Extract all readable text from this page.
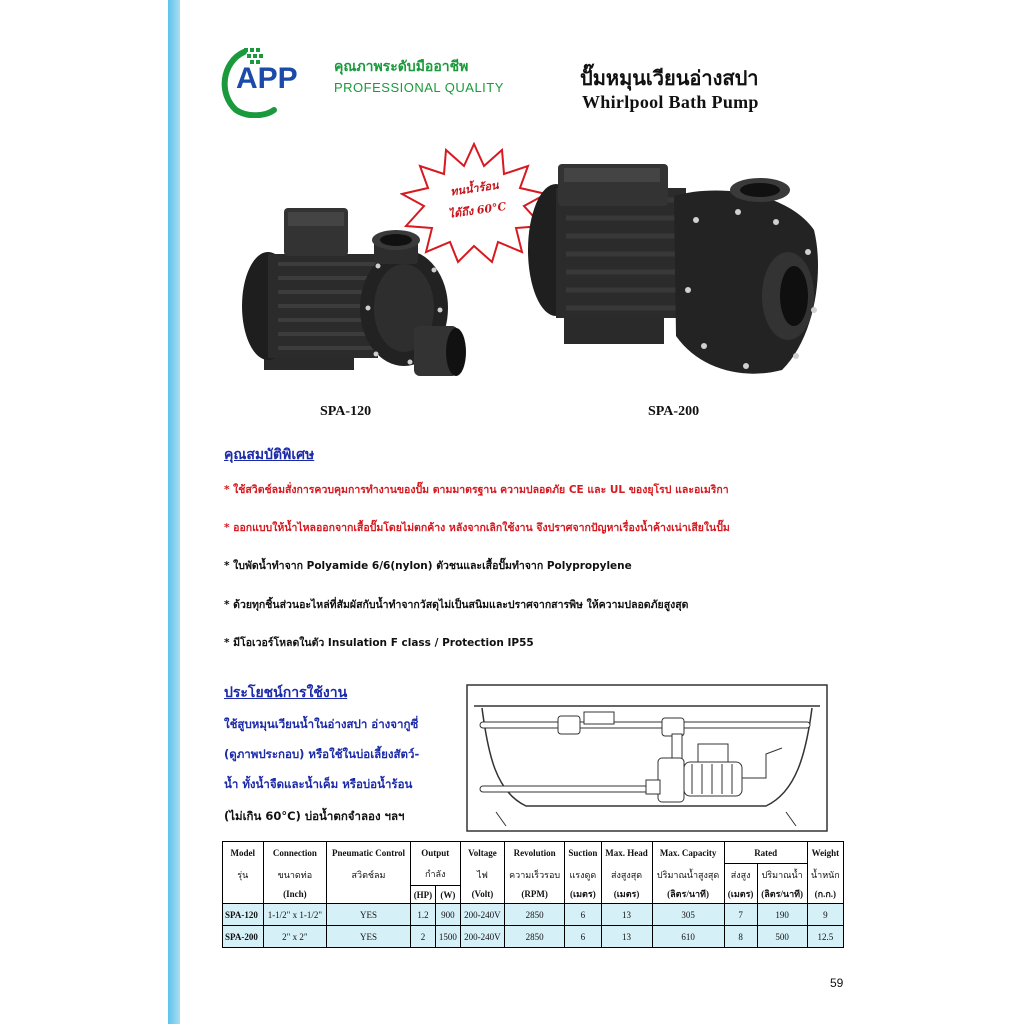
APP	คุณภาพระดับมืออาชีพ
PROFESSIONAL QUALITY	ปั๊มหมุนเวียนอ่างสปา
Whirlpool Bath Pump
ทนน้ำร้อน
ได้ถึง 60°C
SPA-120	SPA-200
คุณสมบัติพิเศษ
* ใช้สวิตช์ลมสั่งการควบคุมการทำงานของปั๊ม ตามมาตรฐาน ความปลอดภัย CE และ UL ของยุโรป และอเมริกา
* ออกแบบให้น้ำไหลออกจากเสื้อปั๊มโดยไม่ตกค้าง หลังจากเลิกใช้งาน จึงปราศจากปัญหาเรื่องน้ำค้างเน่าเสียในปั๊ม
* ใบพัดน้ำทำจาก Polyamide 6/6(nylon) ตัวชนและเสื้อปั๊มทำจาก Polypropylene
* ด้วยทุกชิ้นส่วนอะไหล่ที่สัมผัสกับน้ำทำจากวัสดุไม่เป็นสนิมและปราศจากสารพิษ ให้ความปลอดภัยสูงสุด
* มีโอเวอร์โหลดในตัว Insulation F class / Protection IP55
ประโยชน์การใช้งาน
ใช้สูบหมุนเวียนน้ำในอ่างสปา อ่างจากูซี่
(ดูภาพประกอบ) หรือใช้ในบ่อเลี้ยงสัตว์-
น้ำ ทั้งน้ำจืดและน้ำเค็ม หรือบ่อน้ำร้อน
(ไม่เกิน 60°C) บ่อน้ำตกจำลอง ฯลฯ
Model	Connection	Pneumatic Control	Output		Voltage	Revolution	Suction	Max. Head	Max. Capacity	Rated		Weight
รุ่น	ขนาดท่อ	สวิตช์ลม	กำลัง		ไฟ	ความเร็วรอบ	แรงดูด	ส่งสูงสุด	ปริมาณน้ำสูงสุด	ส่งสูง	ปริมาณน้ำ	น้ำหนัก
	(Inch)		(HP)	(W)	(Volt)	(RPM)	(เมตร)	(เมตร)	(ลิตร/นาที)	(เมตร)	(ลิตร/นาที)	(ก.ก.)
SPA-120	1-1/2" x 1-1/2"	YES	1.2	900	200-240V	2850	6	13	305	7	190	9
SPA-200	2" x 2"	YES	2	1500	200-240V	2850	6	13	610	8	500	12.5
59
